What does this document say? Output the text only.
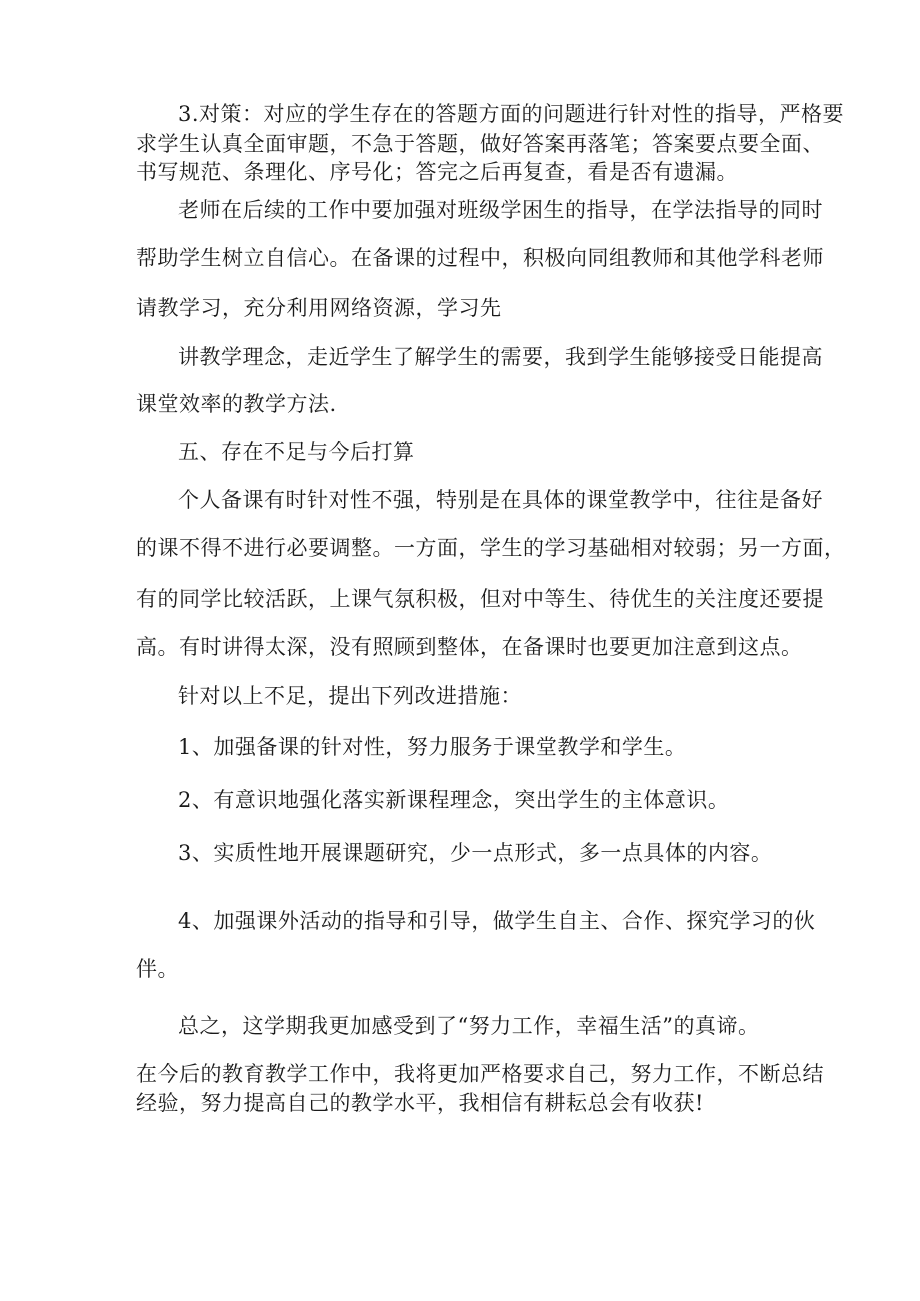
3.对策：对应的学生存在的答题方面的问题进行针对性的指导，严格要
求学生认真全面审题，不急于答题，做好答案再落笔；答案要点要全面、
书写规范、条理化、序号化；答完之后再复查，看是否有遗漏。
老师在后续的工作中要加强对班级学困生的指导，在学法指导的同时
帮助学生树立自信心。在备课的过程中，积极向同组教师和其他学科老师
请教学习，充分利用网络资源，学习先
讲教学理念，走近学生了解学生的需要，我到学生能够接受日能提高
课堂效率的教学方法.
五、存在不足与今后打算
个人备课有时针对性不强，特别是在具体的课堂教学中，往往是备好
的课不得不进行必要调整。一方面，学生的学习基础相对较弱；另一方面，
有的同学比较活跃，上课气氛积极，但对中等生、待优生的关注度还要提
高。有时讲得太深，没有照顾到整体，在备课时也要更加注意到这点。
针对以上不足，提出下列改进措施：
1、加强备课的针对性，努力服务于课堂教学和学生。
2、有意识地强化落实新课程理念，突出学生的主体意识。
3、实质性地开展课题研究，少一点形式，多一点具体的内容。
4、加强课外活动的指导和引导，做学生自主、合作、探究学习的伙
伴。
总之，这学期我更加感受到了“努力工作，幸福生活”的真谛。
在今后的教育教学工作中，我将更加严格要求自己，努力工作，不断总结
经验，努力提高自己的教学水平，我相信有耕耘总会有收获!
